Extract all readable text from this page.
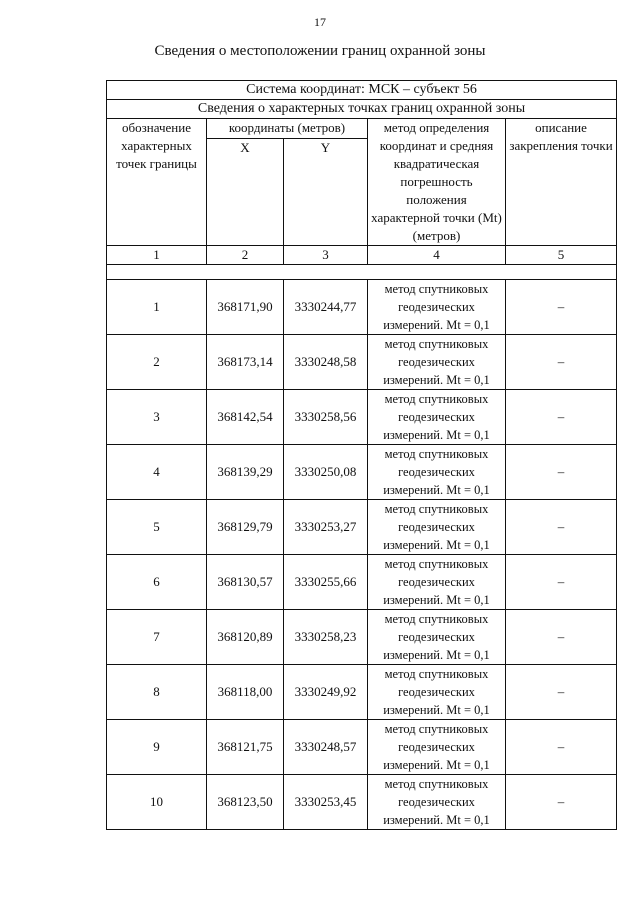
17
Сведения о местоположении границ охранной зоны
Система координат: МСК – субъект 56				
Сведения о характерных точках границ охранной зоны				
обозначение характерных точек границы	координаты (метров)		метод определения координат и средняя квадратическая погрешность положения характерной точки (Mt) (метров)	описание закрепления точки
	X	Y		
1	2	3	4	5

1	368171,90	3330244,77	метод спутниковых геодезических измерений. Mt = 0,1	–
2	368173,14	3330248,58	метод спутниковых геодезических измерений. Mt = 0,1	–
3	368142,54	3330258,56	метод спутниковых геодезических измерений. Mt = 0,1	–
4	368139,29	3330250,08	метод спутниковых геодезических измерений. Mt = 0,1	–
5	368129,79	3330253,27	метод спутниковых геодезических измерений. Mt = 0,1	–
6	368130,57	3330255,66	метод спутниковых геодезических измерений. Mt = 0,1	–
7	368120,89	3330258,23	метод спутниковых геодезических измерений. Mt = 0,1	–
8	368118,00	3330249,92	метод спутниковых геодезических измерений. Mt = 0,1	–
9	368121,75	3330248,57	метод спутниковых геодезических измерений. Mt = 0,1	–
10	368123,50	3330253,45	метод спутниковых геодезических измерений. Mt = 0,1	–
